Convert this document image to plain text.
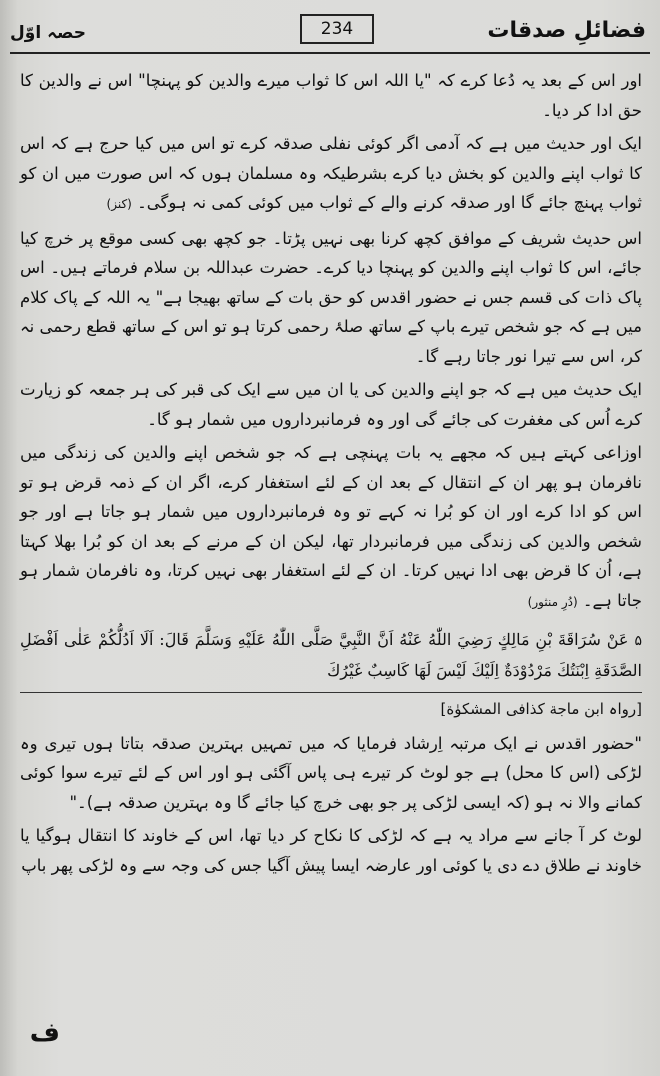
فضائلِ صدقات
234
حصہ اوّل

اور اس کے بعد یہ دُعا کرے کہ "یا اللہ اس کا ثواب میرے والدین کو پہنچا" اس نے والدین کا حق ادا کر دیا۔

ایک اور حدیث میں ہے کہ آدمی اگر کوئی نفلی صدقہ کرے تو اس میں کیا حرج ہے کہ اس کا ثواب اپنے والدین کو بخش دیا کرے بشرطیکہ وہ مسلمان ہوں کہ اس صورت میں ان کو ثواب پہنچ جائے گا اور صدقہ کرنے والے کے ثواب میں کوئی کمی نہ ہوگی۔ (کنز)

اس حدیث شریف کے موافق کچھ کرنا بھی نہیں پڑتا۔ جو کچھ بھی کسی موقع پر خرچ کیا جائے، اس کا ثواب اپنے والدین کو پہنچا دیا کرے۔ حضرت عبداللہ بن سلام فرماتے ہیں۔ اس پاک ذات کی قسم جس نے حضور اقدس کو حق بات کے ساتھ بھیجا ہے" یہ اللہ کے پاک کلام میں ہے کہ جو شخص تیرے باپ کے ساتھ صلۂ رحمی کرتا ہو تو اس کے ساتھ قطع رحمی نہ کر، اس سے تیرا نور جاتا رہے گا۔

ایک حدیث میں ہے کہ جو اپنے والدین کی یا ان میں سے ایک کی قبر کی ہر جمعہ کو زیارت کرے اُس کی مغفرت کی جائے گی اور وہ فرمانبرداروں میں شمار ہو گا۔

اوزاعی کہتے ہیں کہ مجھے یہ بات پہنچی ہے کہ جو شخص اپنے والدین کی زندگی میں نافرمان ہو پھر ان کے انتقال کے بعد ان کے لئے استغفار کرے، اگر ان کے ذمہ قرض ہو تو اس کو ادا کرے اور ان کو بُرا نہ کہے تو وہ فرمانبرداروں میں شمار ہو جاتا ہے اور جو شخص والدین کی زندگی میں فرمانبردار تھا، لیکن ان کے مرنے کے بعد ان کو بُرا بھلا کہتا ہے، اُن کا قرض بھی ادا نہیں کرتا۔ ان کے لئے استغفار بھی نہیں کرتا، وہ نافرمان شمار ہو جاتا ہے۔ (دُرِ منثور)

۵عَنْ سُرَاقَةَ بْنِ مَالِكٍ رَضِيَ اللّٰهُ عَنْهُ اَنَّ النَّبِيَّ صَلَّى اللّٰهُ عَلَيْهِ وَسَلَّمَ قَالَ: اَلَا اَدُلُّكُمْ عَلٰى اَفْضَلِ الصَّدَقَةِ اِبْنَتُكَ مَرْدُوْدَةٌ اِلَيْكَ لَيْسَ لَهَا كَاسِبٌ غَيْرُكَ

[رواہ ابن ماجة کذافی المشکوٰة]

"حضور اقدس نے ایک مرتبہ اِرشاد فرمایا کہ میں تمہیں بہترین صدقہ بتاتا ہوں تیری وہ لڑکی (اس کا محل) ہے جو لوٹ کر تیرے ہی پاس آگئی ہو اور اس کے لئے تیرے سوا کوئی کمانے والا نہ ہو (کہ ایسی لڑکی پر جو بھی خرچ کیا جائے گا وہ بہترین صدقہ ہے)۔"

لوٹ کر آ جانے سے مراد یہ ہے کہ لڑکی کا نکاح کر دیا تھا، اس کے خاوند کا انتقال ہوگیا یا خاوند نے طلاق دے دی یا کوئی اور عارضہ ایسا پیش آگیا جس کی وجہ سے وہ لڑکی پھر باپ

ف
